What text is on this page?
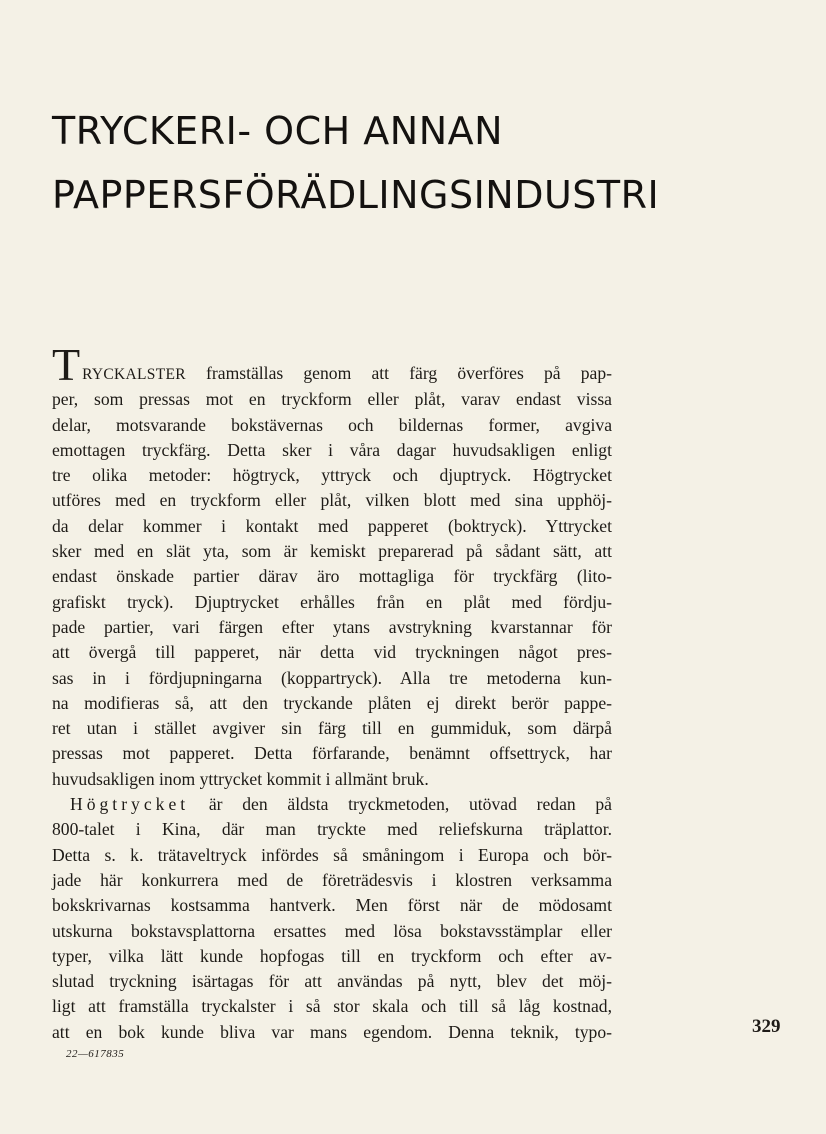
TRYCKERI- OCH ANNAN
PAPPERSFÖRÄDLINGSINDUSTRI
TRYCKALSTER framställas genom att färg överföres på pap-
per, som pressas mot en tryckform eller plåt, varav endast vissa
delar, motsvarande bokstävernas och bildernas former, avgiva
emottagen tryckfärg. Detta sker i våra dagar huvudsakligen enligt
tre olika metoder: högtryck, yttryck och djuptryck. Högtrycket
utföres med en tryckform eller plåt, vilken blott med sina upphöj-
da delar kommer i kontakt med papperet (boktryck). Yttrycket
sker med en slät yta, som är kemiskt preparerad på sådant sätt, att
endast önskade partier därav äro mottagliga för tryckfärg (lito-
grafiskt tryck). Djuptrycket erhålles från en plåt med fördju-
pade partier, vari färgen efter ytans avstrykning kvarstannar för
att övergå till papperet, när detta vid tryckningen något pres-
sas in i fördjupningarna (koppartryck). Alla tre metoderna kun-
na modifieras så, att den tryckande plåten ej direkt berör pappe-
ret utan i stället avgiver sin färg till en gummiduk, som därpå
pressas mot papperet. Detta förfarande, benämnt offsettryck, har
huvudsakligen inom yttrycket kommit i allmänt bruk.
Högtrycket är den äldsta tryckmetoden, utövad redan på
800-talet i Kina, där man tryckte med reliefskurna träplattor.
Detta s. k. trätaveltryck infördes så småningom i Europa och bör-
jade här konkurrera med de företrädesvis i klostren verksamma
bokskrivarnas kostsamma hantverk. Men först när de mödosamt
utskurna bokstavsplattorna ersattes med lösa bokstavsstämplar eller
typer, vilka lätt kunde hopfogas till en tryckform och efter av-
slutad tryckning isärtagas för att användas på nytt, blev det möj-
ligt att framställa tryckalster i så stor skala och till så låg kostnad,
att en bok kunde bliva var mans egendom. Denna teknik, typo-	329
22—617835
